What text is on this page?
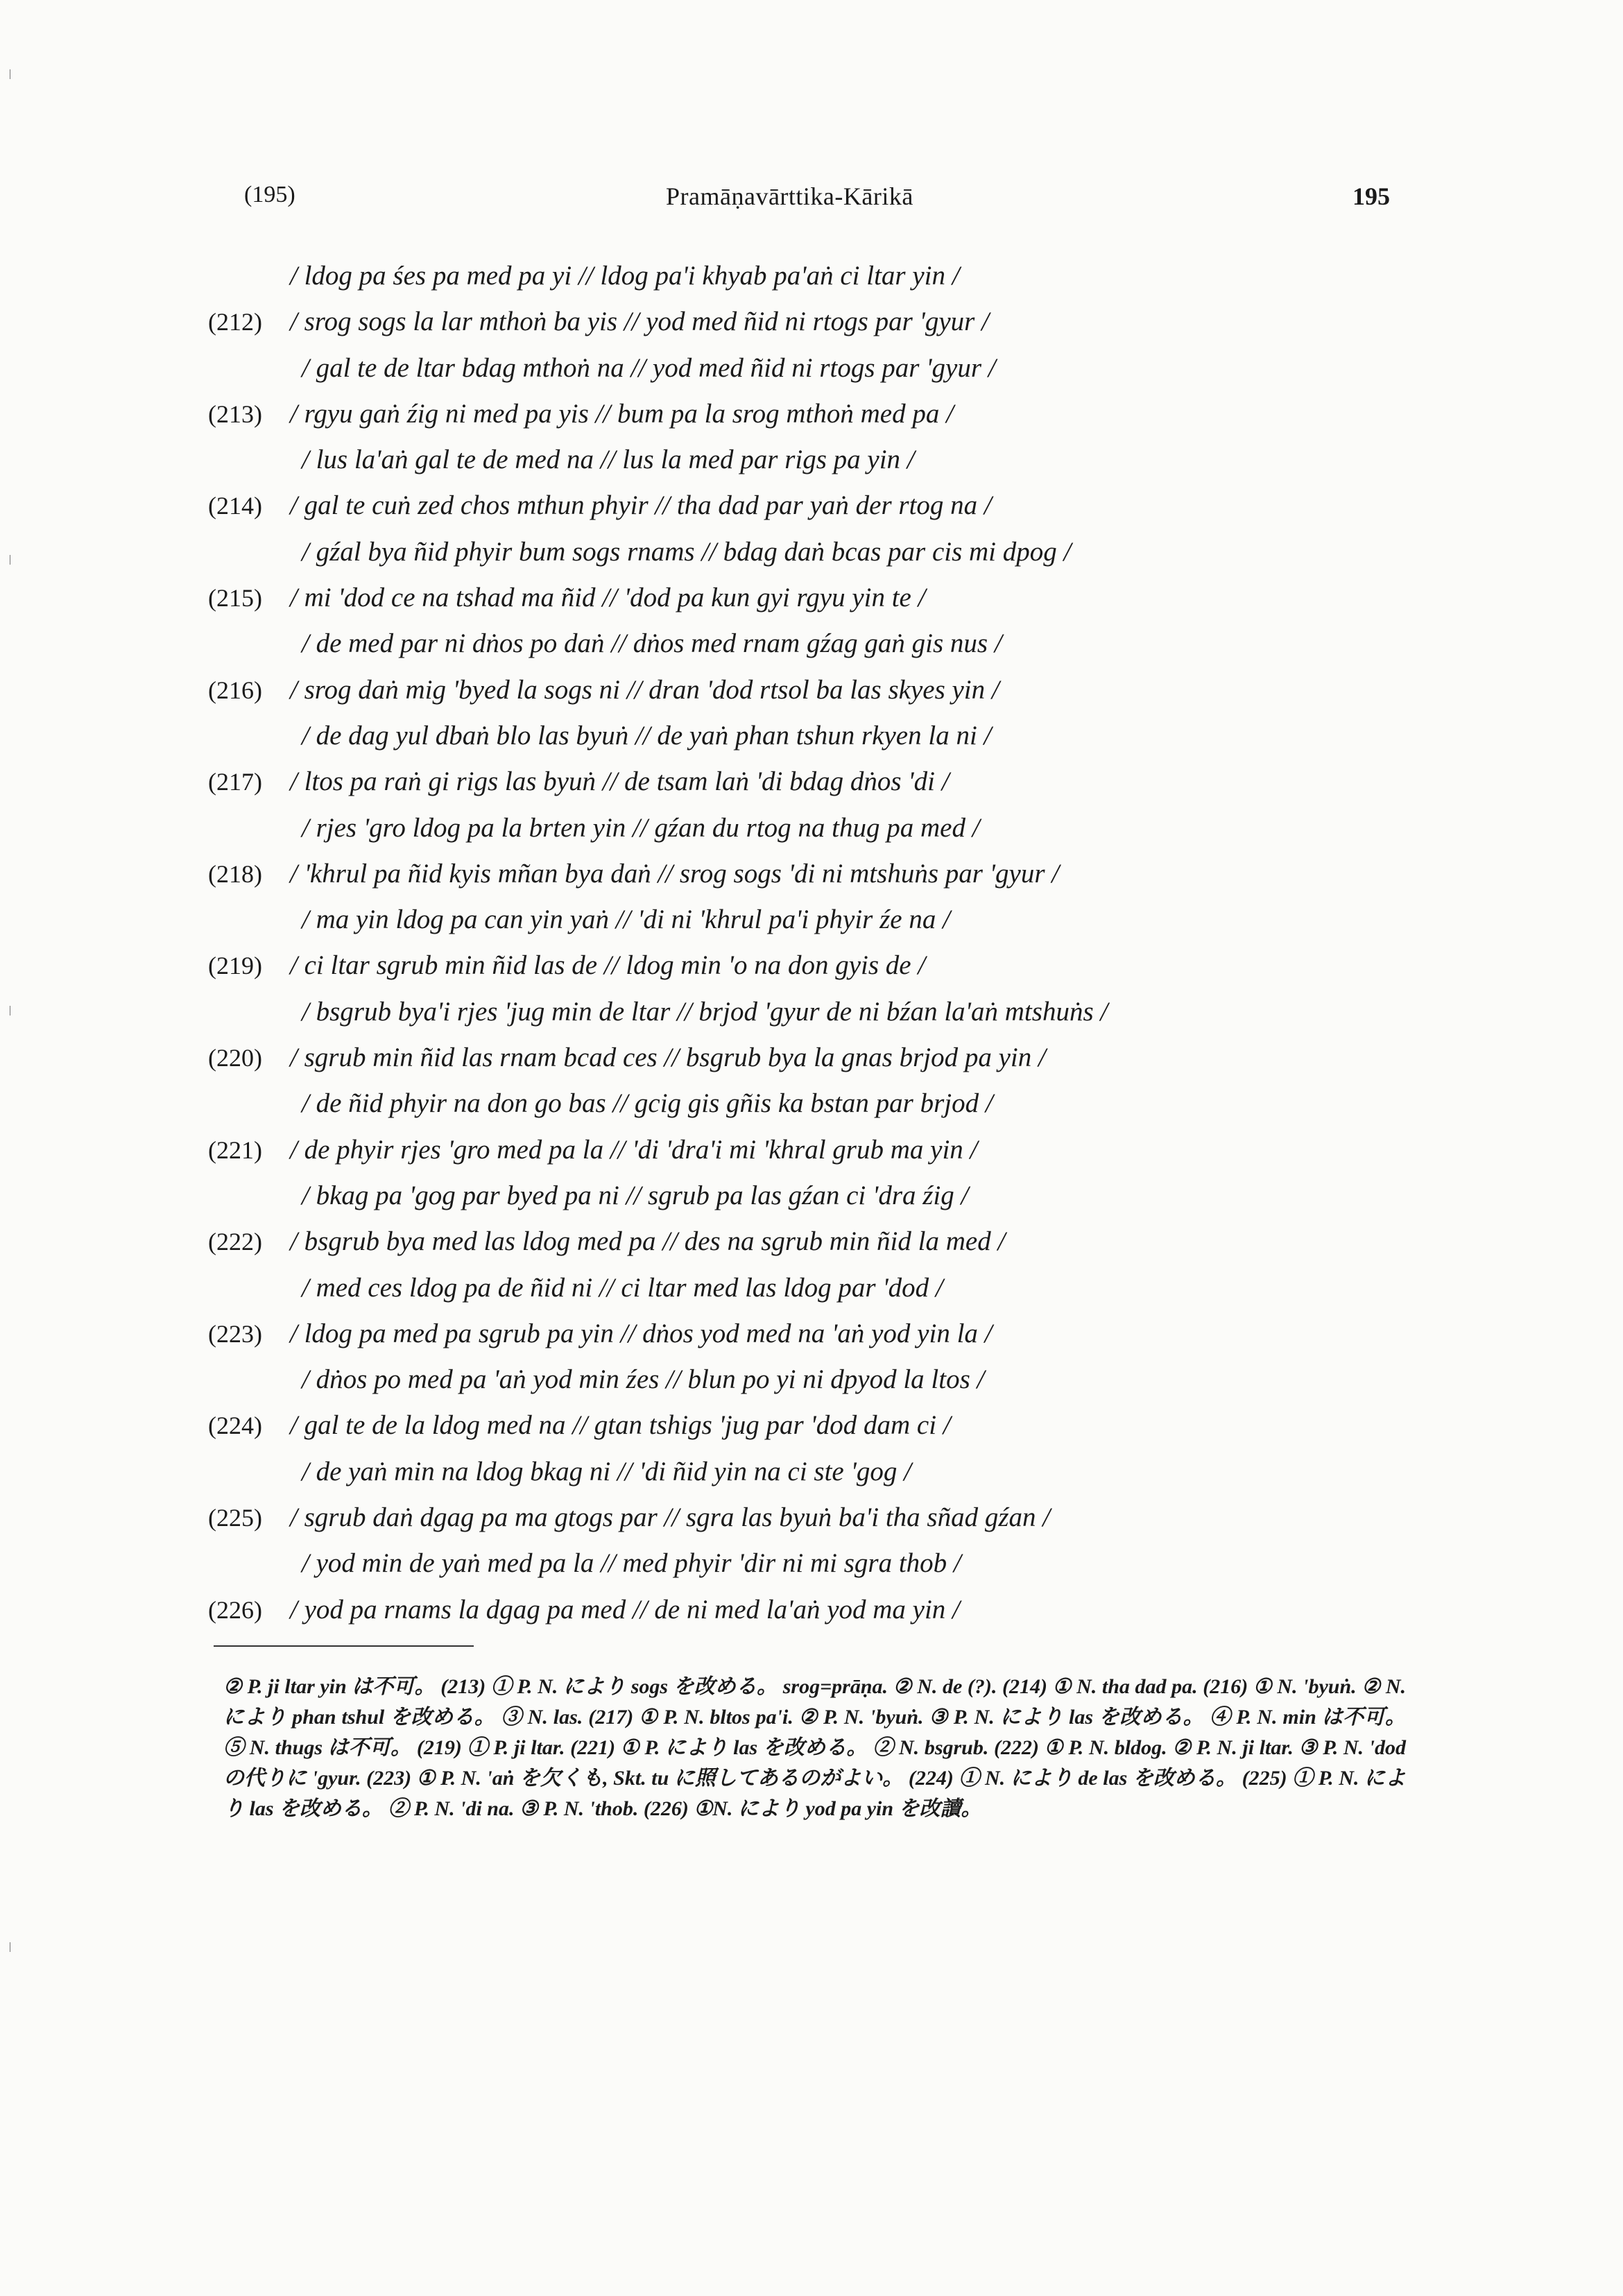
(195)	Pramāṇavārttika-Kārikā	195
/ ldog pa śes pa med pa yi // ldog pa'i khyab pa'aṅ ci ltar yin /
(212) / srog sogs la lar mthoṅ ba yis // yod med ñid ni rtogs par 'gyur /
/ gal te de ltar bdag mthoṅ na // yod med ñid ni rtogs par 'gyur /
(213) / rgyu gaṅ źig ni med pa yis // bum pa la srog mthoṅ med pa /
/ lus la'aṅ gal te de med na // lus la med par rigs pa yin /
(214) / gal te cuṅ zed chos mthun phyir // tha dad par yaṅ der rtog na /
/ gźal bya ñid phyir bum sogs rnams // bdag daṅ bcas par cis mi dpog /
(215) / mi 'dod ce na tshad ma ñid // 'dod pa kun gyi rgyu yin te /
/ de med par ni dṅos po daṅ // dṅos med rnam gźag gaṅ gis nus /
(216) / srog daṅ mig 'byed la sogs ni // dran 'dod rtsol ba las skyes yin /
/ de dag yul dbaṅ blo las byuṅ // de yaṅ phan tshun rkyen la ni /
(217) / ltos pa raṅ gi rigs las byuṅ // de tsam laṅ 'di bdag dṅos 'di /
/ rjes 'gro ldog pa la brten yin // gźan du rtog na thug pa med /
(218) / 'khrul pa ñid kyis mñan bya daṅ // srog sogs 'di ni mtshuṅs par 'gyur /
/ ma yin ldog pa can yin yaṅ // 'di ni 'khrul pa'i phyir źe na /
(219) / ci ltar sgrub min ñid las de // ldog min 'o na don gyis de /
/ bsgrub bya'i rjes 'jug min de ltar // brjod 'gyur de ni bźan la'aṅ mtshuṅs /
(220) / sgrub min ñid las rnam bcad ces // bsgrub bya la gnas brjod pa yin /
/ de ñid phyir na don go bas // gcig gis gñis ka bstan par brjod /
(221) / de phyir rjes 'gro med pa la // 'di 'dra'i mi 'khral grub ma yin /
/ bkag pa 'gog par byed pa ni // sgrub pa las gźan ci 'dra źig /
(222) / bsgrub bya med las ldog med pa // des na sgrub min ñid la med /
/ med ces ldog pa de ñid ni // ci ltar med las ldog par 'dod /
(223) / ldog pa med pa sgrub pa yin // dṅos yod med na 'aṅ yod yin la /
/ dṅos po med pa 'aṅ yod min źes // blun po yi ni dpyod la ltos /
(224) / gal te de la ldog med na // gtan tshigs 'jug par 'dod dam ci /
/ de yaṅ min na ldog bkag ni // 'di ñid yin na ci ste 'gog /
(225) / sgrub daṅ dgag pa ma gtogs par // sgra las byuṅ ba'i tha sñad gźan /
/ yod min de yaṅ med pa la // med phyir 'dir ni mi sgra thob /
(226) / yod pa rnams la dgag pa med // de ni med la'aṅ yod ma yin /
② P. ji ltar yin は不可。 (213) ① P. N. により sogs を改める。 srog=prāṇa. ② N. de (?). (214) ① N. tha dad pa. (216) ① N. 'byuṅ. ② N. により phan tshul を改める。 ③ N. las. (217) ① P. N. bltos pa'i. ② P. N. 'byuṅ. ③ P. N. により las を改める。 ④ P. N. min は不可。 ⑤ N. thugs は不可。 (219) ① P. ji ltar. (221) ① P. により las を改める。 ② N. bsgrub. (222) ① P. N. bldog. ② P. N. ji ltar. ③ P. N. 'dod の代りに 'gyur. (223) ① P. N. 'aṅ を欠くも, Skt. tu に照してあるのがよい。 (224) ① N. により de las を改める。 (225) ① P. N. により las を改める。 ② P. N. 'di na. ③ P. N. 'thob. (226) ①N. により yod pa yin を改讀。
